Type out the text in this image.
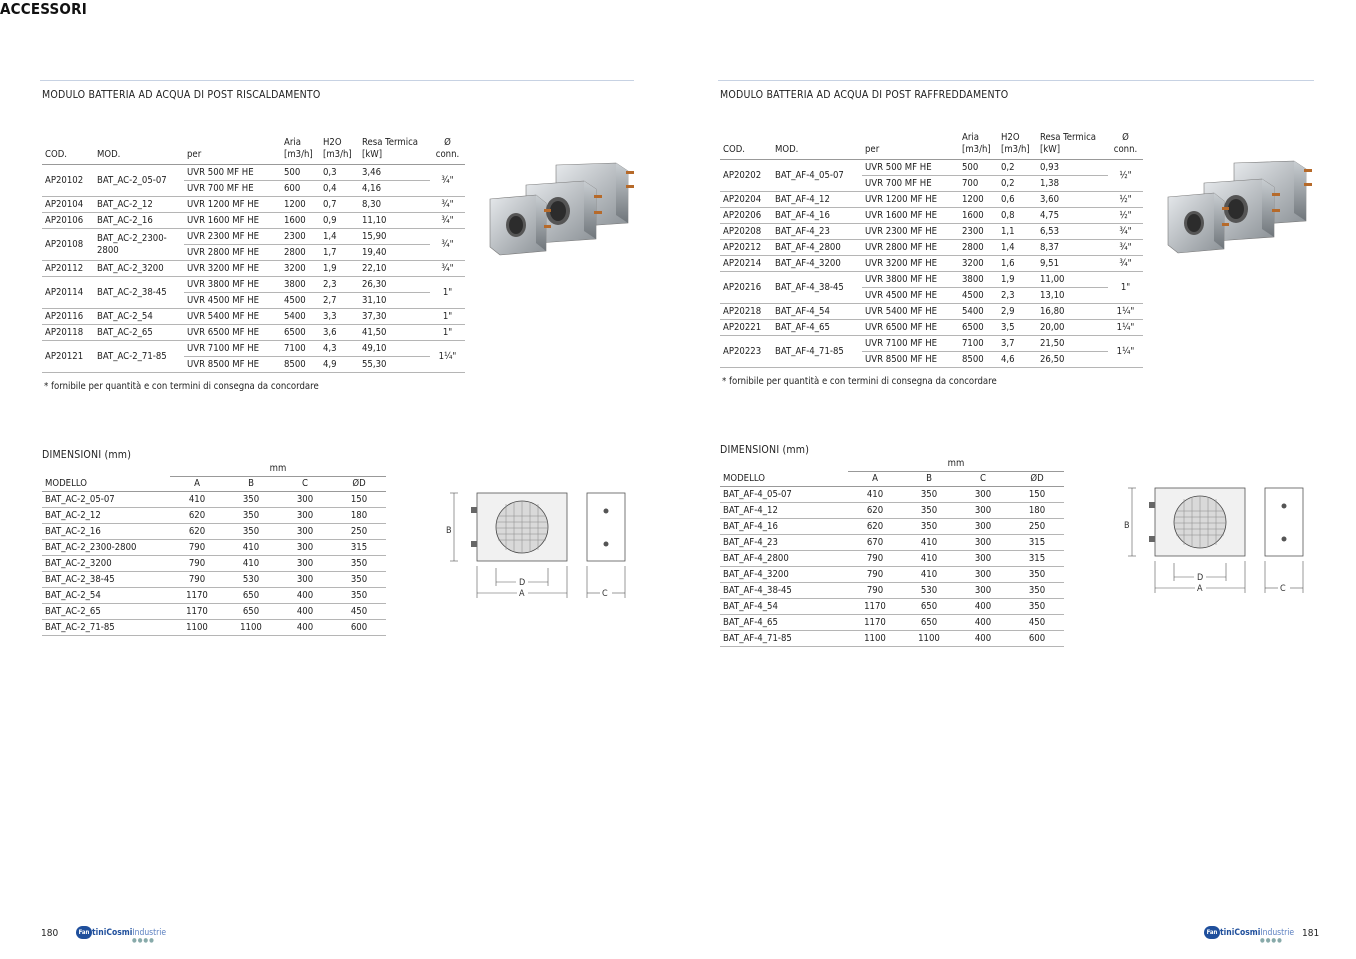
ACCESSORI
MODULO BATTERIA AD ACQUA DI POST RISCALDAMENTO
COD.	MOD.	per	Aria [m3/h]	H2O [m3/h]	Resa Termica [kW]	Ø conn.
AP20102	BAT_AC-2_05-07	UVR 500 MF HE	500	0,3	3,46	¾"
		UVR 700 MF HE	600	0,4	4,16	
AP20104	BAT_AC-2_12	UVR 1200 MF HE	1200	0,7	8,30	¾"
AP20106	BAT_AC-2_16	UVR 1600 MF HE	1600	0,9	11,10	¾"
AP20108	BAT_AC-2_2300-2800	UVR 2300 MF HE	2300	1,4	15,90	¾"
		UVR 2800 MF HE	2800	1,7	19,40	
AP20112	BAT_AC-2_3200	UVR 3200 MF HE	3200	1,9	22,10	¾"
AP20114	BAT_AC-2_38-45	UVR 3800 MF HE	3800	2,3	26,30	1"
		UVR 4500 MF HE	4500	2,7	31,10	
AP20116	BAT_AC-2_54	UVR 5400 MF HE	5400	3,3	37,30	1"
AP20118	BAT_AC-2_65	UVR 6500 MF HE	6500	3,6	41,50	1"
AP20121	BAT_AC-2_71-85	UVR 7100 MF HE	7100	4,3	49,10	1¼"
		UVR 8500 MF HE	8500	4,9	55,30	
* fornibile per quantità e con termini di consegna da concordare
DIMENSIONI (mm)
	mm			
MODELLO	A	B	C	ØD
BAT_AC-2_05-07	410	350	300	150
BAT_AC-2_12	620	350	300	180
BAT_AC-2_16	620	350	300	250
BAT_AC-2_2300-2800	790	410	300	315
BAT_AC-2_3200	790	410	300	350
BAT_AC-2_38-45	790	530	300	350
BAT_AC-2_54	1170	650	400	350
BAT_AC-2_65	1170	650	400	450
BAT_AC-2_71-85	1100	1100	400	600
B
D
A	C
MODULO BATTERIA AD ACQUA DI POST RAFFREDDAMENTO
COD.	MOD.	per	Aria [m3/h]	H2O [m3/h]	Resa Termica [kW]	Ø conn.
AP20202	BAT_AF-4_05-07	UVR 500 MF HE	500	0,2	0,93	½"
		UVR 700 MF HE	700	0,2	1,38	
AP20204	BAT_AF-4_12	UVR 1200 MF HE	1200	0,6	3,60	½"
AP20206	BAT_AF-4_16	UVR 1600 MF HE	1600	0,8	4,75	½"
AP20208	BAT_AF-4_23	UVR 2300 MF HE	2300	1,1	6,53	¾"
AP20212	BAT_AF-4_2800	UVR 2800 MF HE	2800	1,4	8,37	¾"
AP20214	BAT_AF-4_3200	UVR 3200 MF HE	3200	1,6	9,51	¾"
AP20216	BAT_AF-4_38-45	UVR 3800 MF HE	3800	1,9	11,00	1"
		UVR 4500 MF HE	4500	2,3	13,10	
AP20218	BAT_AF-4_54	UVR 5400 MF HE	5400	2,9	16,80	1¼"
AP20221	BAT_AF-4_65	UVR 6500 MF HE	6500	3,5	20,00	1¼"
AP20223	BAT_AF-4_71-85	UVR 7100 MF HE	7100	3,7	21,50	1¼"
		UVR 8500 MF HE	8500	4,6	26,50	
* fornibile per quantità e con termini di consegna da concordare
DIMENSIONI (mm)
	mm			
MODELLO	A	B	C	ØD
BAT_AF-4_05-07	410	350	300	150
BAT_AF-4_12	620	350	300	180
BAT_AF-4_16	620	350	300	250
BAT_AF-4_23	670	410	300	315
BAT_AF-4_2800	790	410	300	315
BAT_AF-4_3200	790	410	300	350
BAT_AF-4_38-45	790	530	300	350
BAT_AF-4_54	1170	650	400	350
BAT_AF-4_65	1170	650	400	450
BAT_AF-4_71-85	1100	1100	400	600
B
D
A	C
180	Fan tiniCosmiIndustrie
●●●●
Fan tiniCosmiIndustrie
●●●●
181
